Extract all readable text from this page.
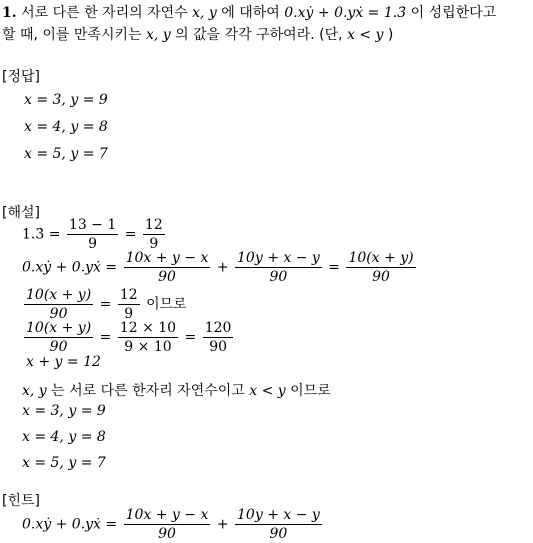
1. 서로 다른 한 자리의 자연수 x, y 에 대하여 0.xẏ + 0.yẋ = 1.3̇ 이 성립한다고
할 때, 이를 만족시키는 x, y 의 값을 각각 구하여라. (단, x < y )
[정답]
x = 3, y = 9
x = 4, y = 8
x = 5, y = 7
[해설]
1.3̇ = $\frac{13 - 1}{9} = \frac{12}{9}$
0.xẏ + 0.yẋ = $\frac{10x + y - x}{90} + \frac{10y + x - y}{90} = \frac{10(x + y)}{90}$
$\frac{10(x + y)}{90} = \frac{12}{9}$ 이므로
$\frac{10(x + y)}{90} = \frac{12 \times 10}{9 \times 10} = \frac{120}{90}$
x + y = 12
x, y 는 서로 다른 한자리 자연수이고 x < y 이므로
x = 3, y = 9
x = 4, y = 8
x = 5, y = 7
[힌트]
0.xẏ + 0.yẋ = $\frac{10x + y - x}{90} + \frac{10y + x - y}{90}$
